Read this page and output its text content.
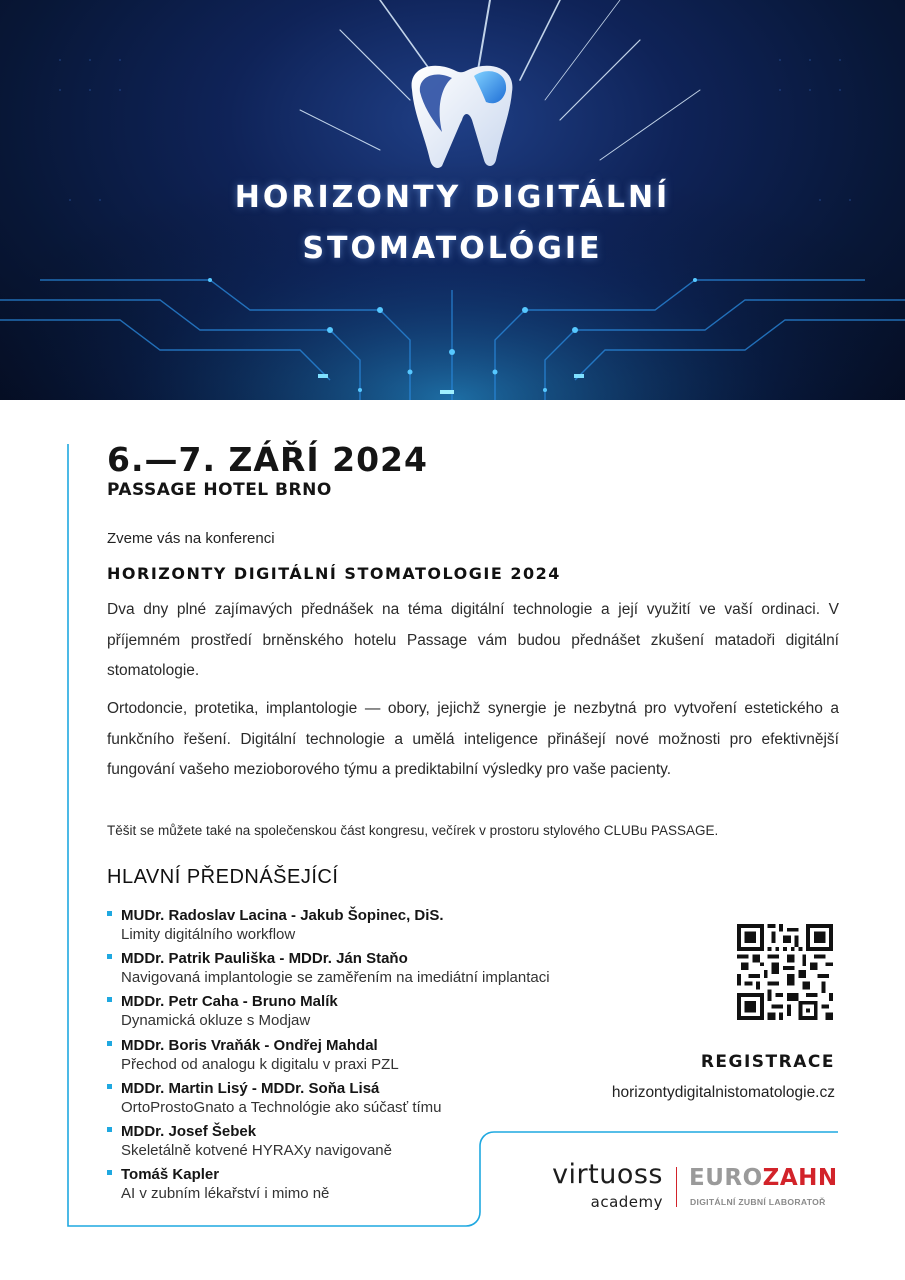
HORIZONTY DIGITÁLNÍ
STOMATOLÓGIE
6.—7. ZÁŘÍ 2024
PASSAGE HOTEL BRNO
Zveme vás na konferenci
HORIZONTY DIGITÁLNÍ STOMATOLOGIE 2024

Dva dny plné zajímavých přednášek na téma digitální technologie a její využití ve vaší ordinaci. V příjemném prostředí brněnského hotelu Passage vám budou přednášet zkušení matadoři digitální stomatologie.

Ortodoncie, protetika, implantologie — obory, jejichž synergie je nezbytná pro vytvoření estetického a funkčního řešení. Digitální technologie a umělá inteligence přinášejí nové možnosti pro efektivnější fungování vašeho mezioborového týmu a prediktabilní výsledky pro vaše pacienty.

Těšit se můžete také na společenskou část kongresu, večírek v prostoru stylového CLUBu PASSAGE.

HLAVNÍ PŘEDNÁŠEJÍCÍ
MUDr. Radoslav Lacina - Jakub Šopinec, DiS.
Limity digitálního workflow
MDDr. Patrik Pauliška - MDDr. Ján Staňo
Navigovaná implantologie se zaměřením na imediátní implantaci
MDDr. Petr Caha - Bruno Malík
Dynamická okluze s Modjaw
MDDr. Boris Vraňák - Ondřej Mahdal
Přechod od analogu k digitalu v praxi PZL
MDDr. Martin Lisý - MDDr. Soňa Lisá
OrtoProstoGnato a Technológie ako súčasť tímu
MDDr. Josef Šebek
Skeletálně kotvené HYRAXy navigovaně
Tomáš Kapler
AI v zubním lékařství i mimo ně
REGISTRACE
horizontydigitalnistomatologie.cz
virtuoss
academy
EUROZAHN
DIGITÁLNÍ ZUBNÍ LABORATOŘ
